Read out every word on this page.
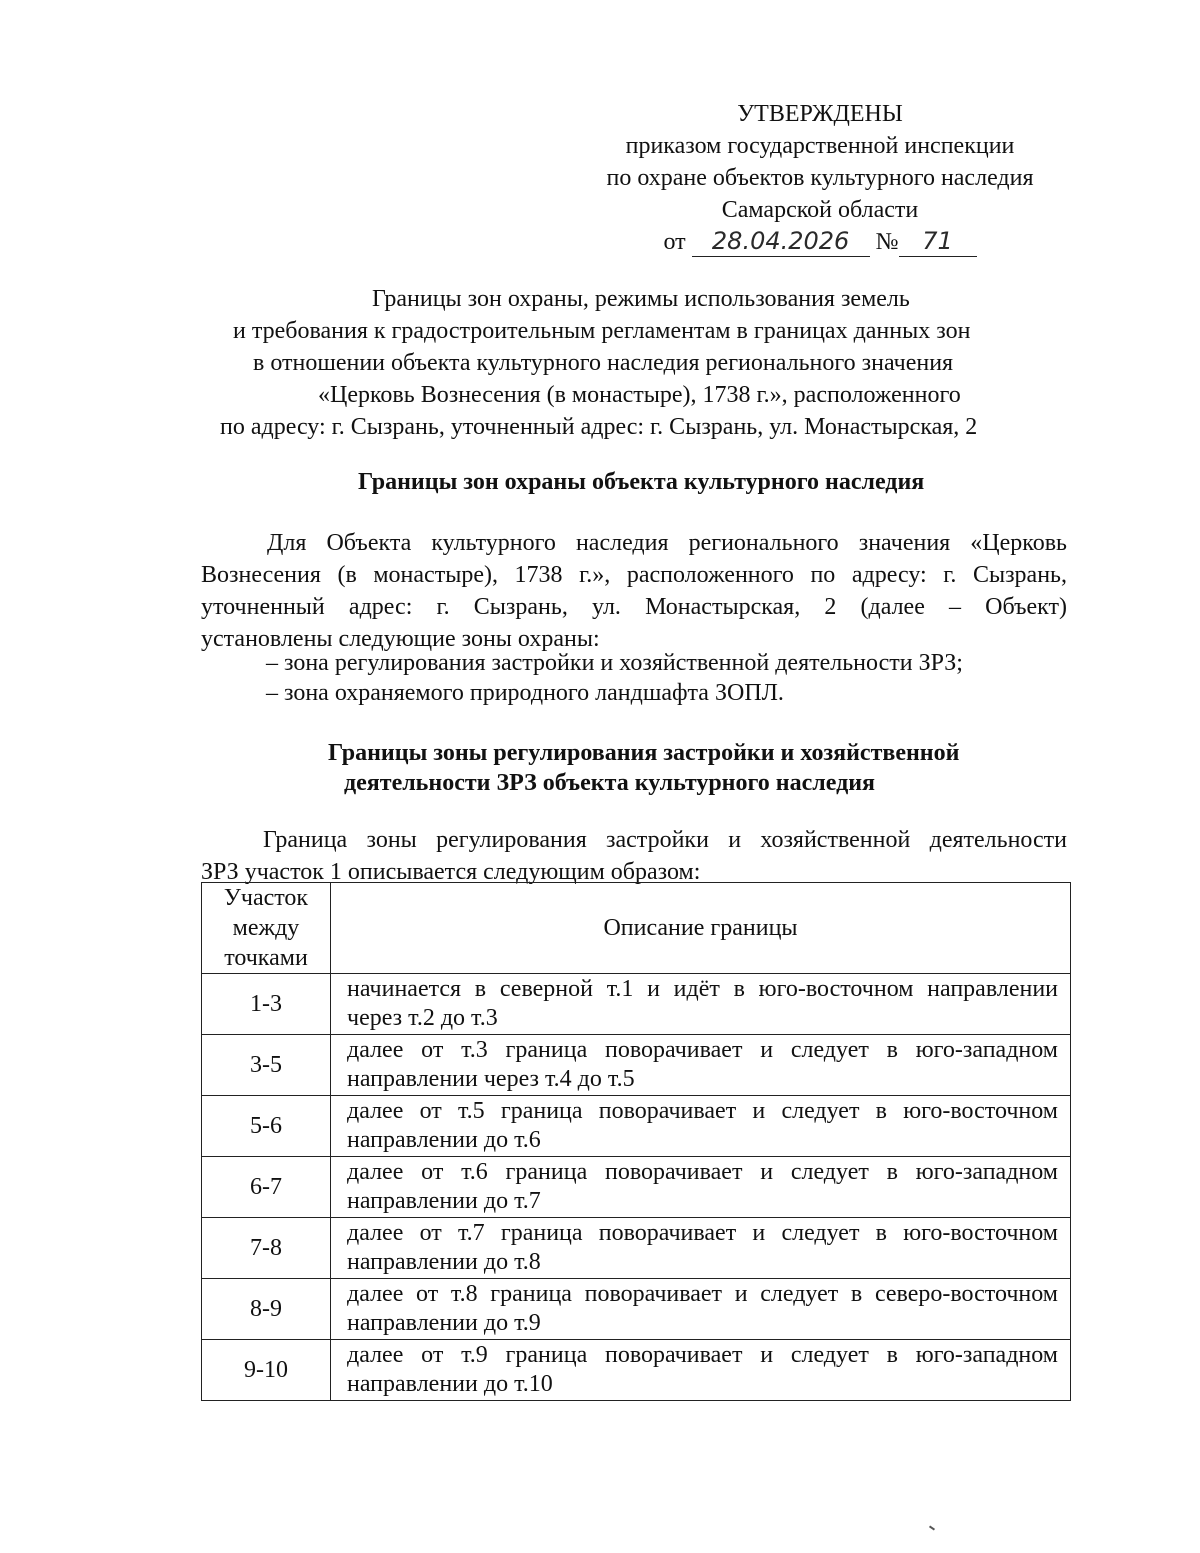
УТВЕРЖДЕНЫ
приказом государственной инспекции
по охране объектов культурного наследия
Самарской области
от 28.04.2026 № 71
Границы зон охраны, режимы использования земель
и требования к градостроительным регламентам в границах данных зон
в отношении объекта культурного наследия регионального значения
«Церковь Вознесения (в монастыре), 1738 г.», расположенного
по адресу: г. Сызрань, уточненный адрес: г. Сызрань, ул. Монастырская, 2
Границы зон охраны объекта культурного наследия
Для Объекта культурного наследия регионального значения «Церковь
Вознесения (в монастыре), 1738 г.», расположенного по адресу: г. Сызрань,
уточненный адрес: г. Сызрань, ул. Монастырская, 2 (далее – Объект)
установлены следующие зоны охраны:
– зона регулирования застройки и хозяйственной деятельности ЗРЗ;
– зона охраняемого природного ландшафта ЗОПЛ.
Границы зоны регулирования застройки и хозяйственной
деятельности ЗРЗ объекта культурного наследия
Граница зоны регулирования застройки и хозяйственной деятельности
ЗРЗ участок 1 описывается следующим образом:
Участок
между
точками	Описание границы
1-3	начинается в северной т.1 и идёт в юго-восточном направлении
через т.2 до т.3

3-5	далее от т.3 граница поворачивает и следует в юго-западном
направлении через т.4 до т.5

5-6	далее от т.5 граница поворачивает и следует в юго-восточном
направлении до т.6

6-7	далее от т.6 граница поворачивает и следует в юго-западном
направлении до т.7

7-8	далее от т.7 граница поворачивает и следует в юго-восточном
направлении до т.8

8-9	далее от т.8 граница поворачивает и следует в северо-восточном
направлении до т.9

9-10	далее от т.9 граница поворачивает и следует в юго-западном
направлении до т.10
